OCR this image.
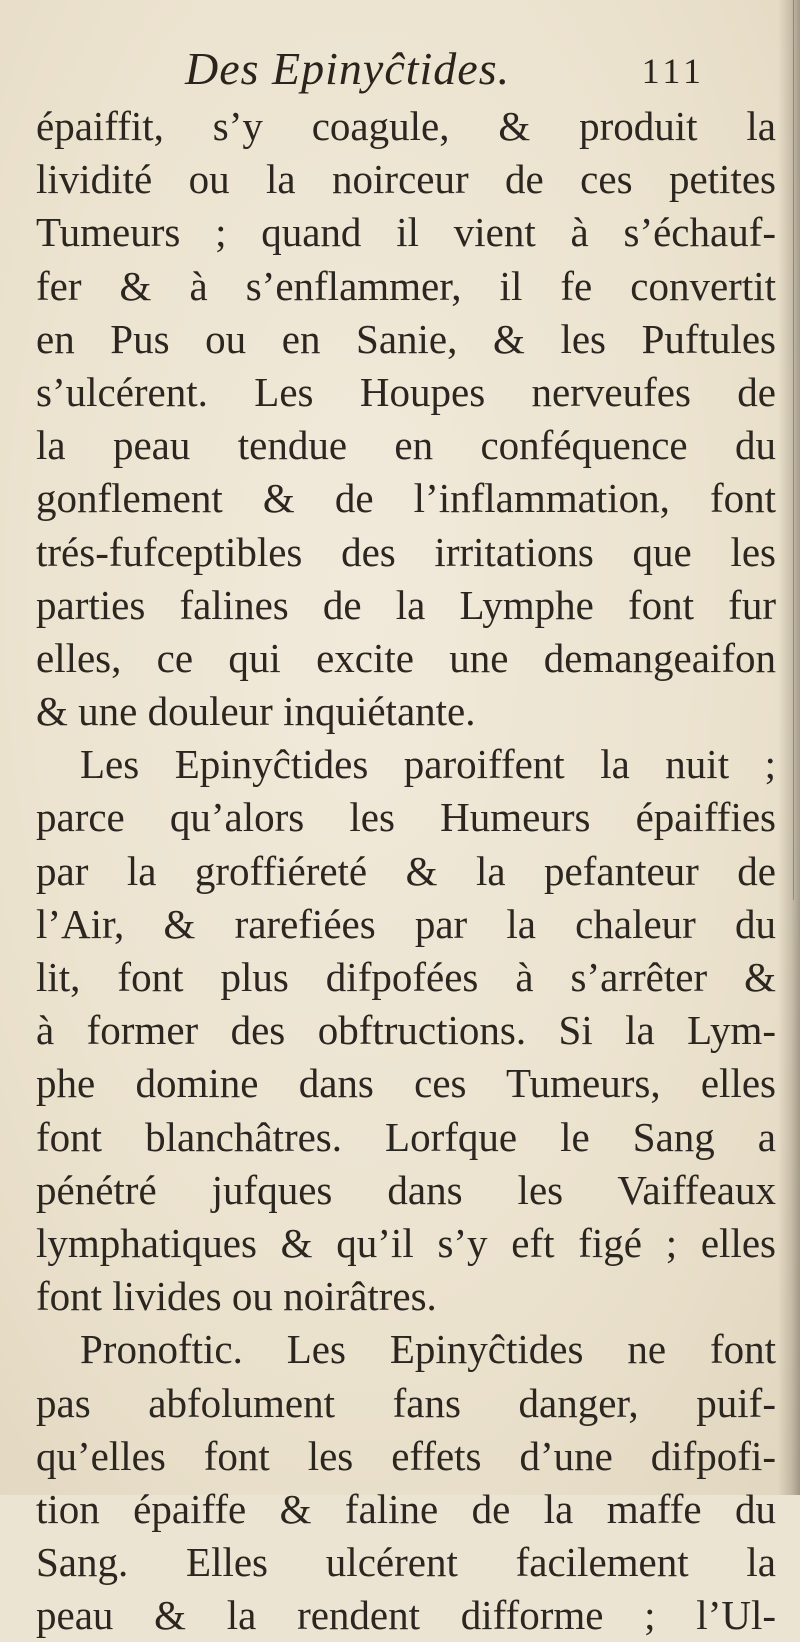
Des Epinyĉtides.	111
épaiffit, s’y coagule, & produit la
lividité ou la noirceur de ces petites
Tumeurs ; quand il vient à s’échauf-
fer & à s’enflammer, il fe convertit
en Pus ou en Sanie, & les Puftules
s’ulcérent. Les Houpes nerveufes de
la peau tendue en conféquence du
gonflement & de l’inflammation, font
trés-fufceptibles des irritations que les
parties falines de la Lymphe font fur
elles, ce qui excite une demangeaifon
& une douleur inquiétante.
Les Epinyĉtides paroiffent la nuit ;
parce qu’alors les Humeurs épaiffies
par la groffiéreté & la pefanteur de
l’Air, & rarefiées par la chaleur du
lit, font plus difpofées à s’arrêter &
à former des obftructions. Si la Lym-
phe domine dans ces Tumeurs, elles
font blanchâtres. Lorfque le Sang a
pénétré jufques dans les Vaiffeaux
lymphatiques & qu’il s’y eft figé ; elles
font livides ou noirâtres.
Pronoftic. Les Epinyĉtides ne font
pas abfolument fans danger, puif-
qu’elles font les effets d’une difpofi-
tion épaiffe & faline de la maffe du
Sang. Elles ulcérent facilement la
peau & la rendent difforme ; l’Ul-
